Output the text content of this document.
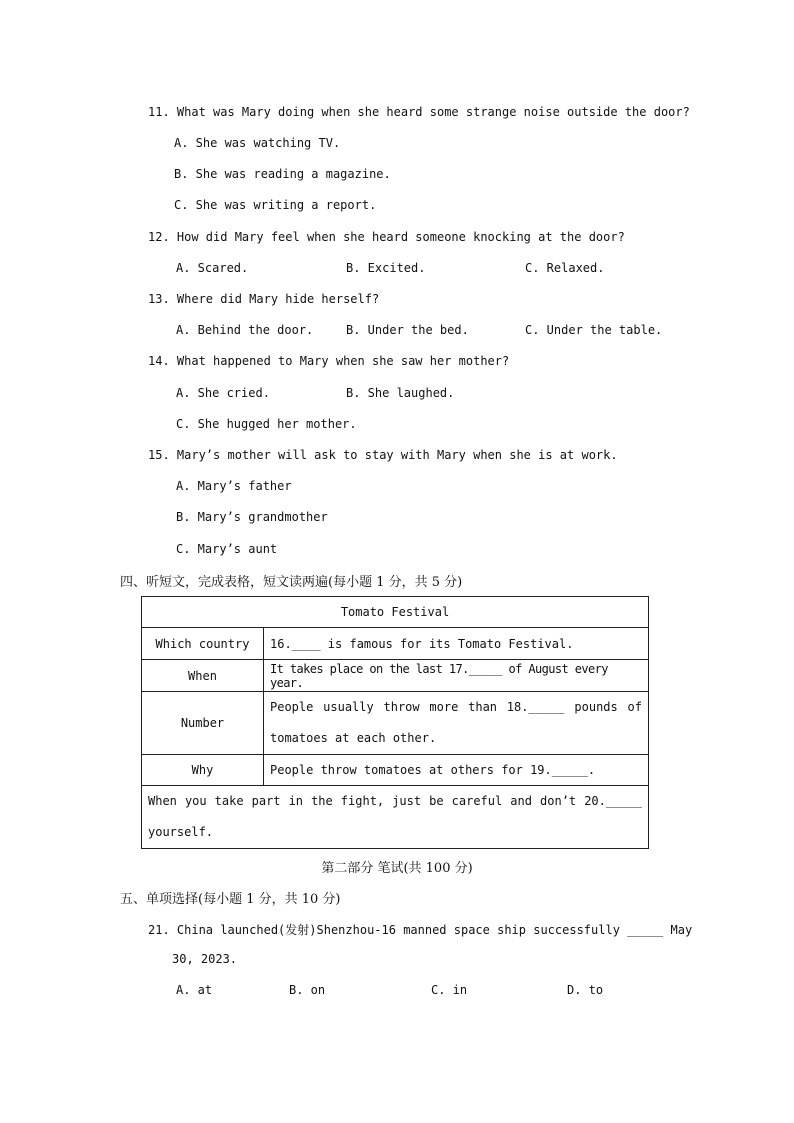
11. What was Mary doing when she heard some strange noise outside the door?
A. She was watching TV.
B. She was reading a magazine.
C. She was writing a report.
12. How did Mary feel when she heard someone knocking at the door?
A. Scared.	B. Excited.	C. Relaxed.
13. Where did Mary hide herself?
A. Behind the door.	B. Under the bed.	C. Under the table.
14. What happened to Mary when she saw her mother?
A. She cried.	B. She laughed.
C. She hugged her mother.
15. Mary’s mother will ask to stay with Mary when she is at work.
A. Mary’s father
B. Mary’s grandmother
C. Mary’s aunt
四、听短文，完成表格，短文读两遍(每小题 1 分，共 5 分)
Tomato Festival	
Which country	16.____ is famous for its Tomato Festival.
When	It takes place on the last 17._____ of August every year.
Number	People usually throw more than 18._____ pounds of
tomatoes at each other.

Why	People throw tomatoes at others for 19._____.

When you take part in the fight, just be careful and don’t 20._____
yourself.	
第二部分 笔试(共 100 分)
五、单项选择(每小题 1 分，共 10 分)
21. China launched(发射)Shenzhou-16 manned space ship successfully _____ May
30, 2023.
A. at	B. on	C. in	D. to
